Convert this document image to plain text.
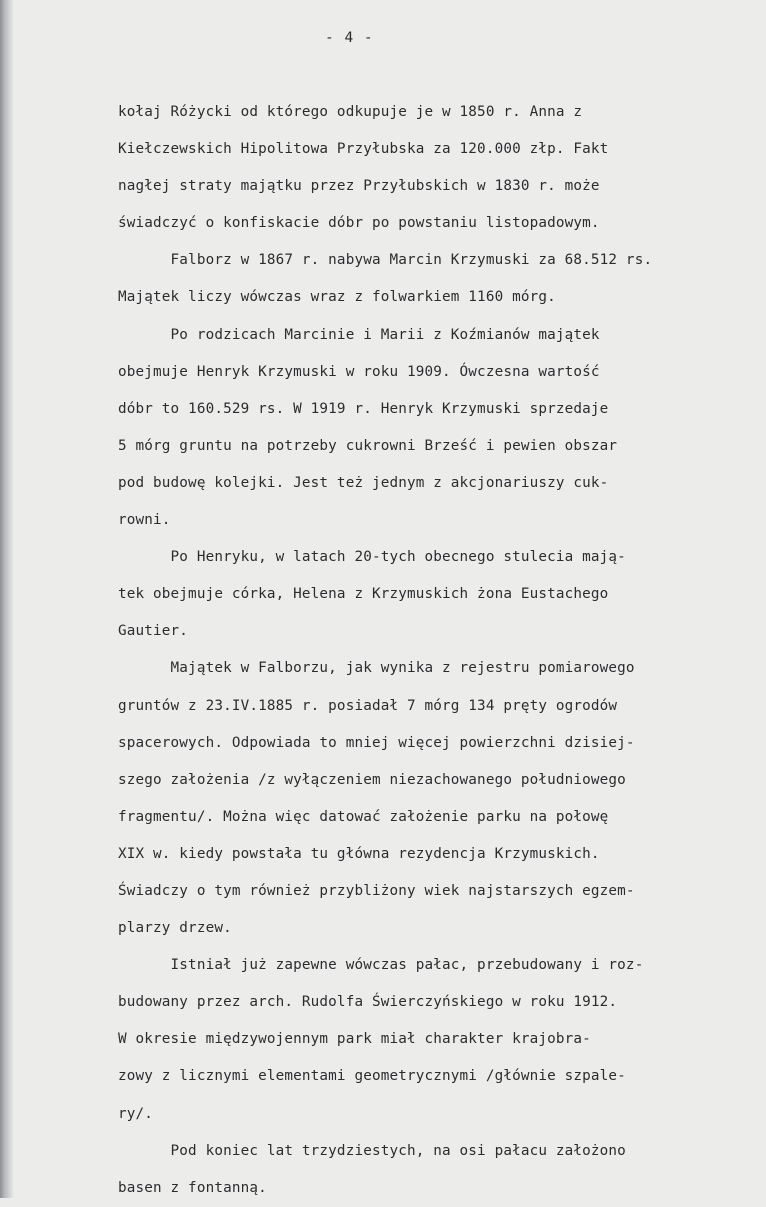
- 4 -
kołaj Różycki od którego odkupuje je w 1850 r. Anna z
Kiełczewskich Hipolitowa Przyłubska za 120.000 złp. Fakt
nagłej straty majątku przez Przyłubskich w 1830 r. może
świadczyć o konfiskacie dóbr po powstaniu listopadowym.
Falborz w 1867 r. nabywa Marcin Krzymuski za 68.512 rs.
Majątek liczy wówczas wraz z folwarkiem 1160 mórg.
Po rodzicach Marcinie i Marii z Koźmianów majątek
obejmuje Henryk Krzymuski w roku 1909. Ówczesna wartość
dóbr to 160.529 rs. W 1919 r. Henryk Krzymuski sprzedaje
5 mórg gruntu na potrzeby cukrowni Brześć i pewien obszar
pod budowę kolejki. Jest też jednym z akcjonariuszy cuk-
rowni.
Po Henryku, w latach 20-tych obecnego stulecia mają-
tek obejmuje córka, Helena z Krzymuskich żona Eustachego
Gautier.
Majątek w Falborzu, jak wynika z rejestru pomiarowego
gruntów z 23.IV.1885 r. posiadał 7 mórg 134 pręty ogrodów
spacerowych. Odpowiada to mniej więcej powierzchni dzisiej-
szego założenia /z wyłączeniem niezachowanego południowego
fragmentu/. Można więc datować założenie parku na połowę
XIX w. kiedy powstała tu główna rezydencja Krzymuskich.
Świadczy o tym również przybliżony wiek najstarszych egzem-
plarzy drzew.
Istniał już zapewne wówczas pałac, przebudowany i roz-
budowany przez arch. Rudolfa Świerczyńskiego w roku 1912.
W okresie międzywojennym park miał charakter krajobra-
zowy z licznymi elementami geometrycznymi /głównie szpale-
ry/.
Pod koniec lat trzydziestych, na osi pałacu założono
basen z fontanną.
